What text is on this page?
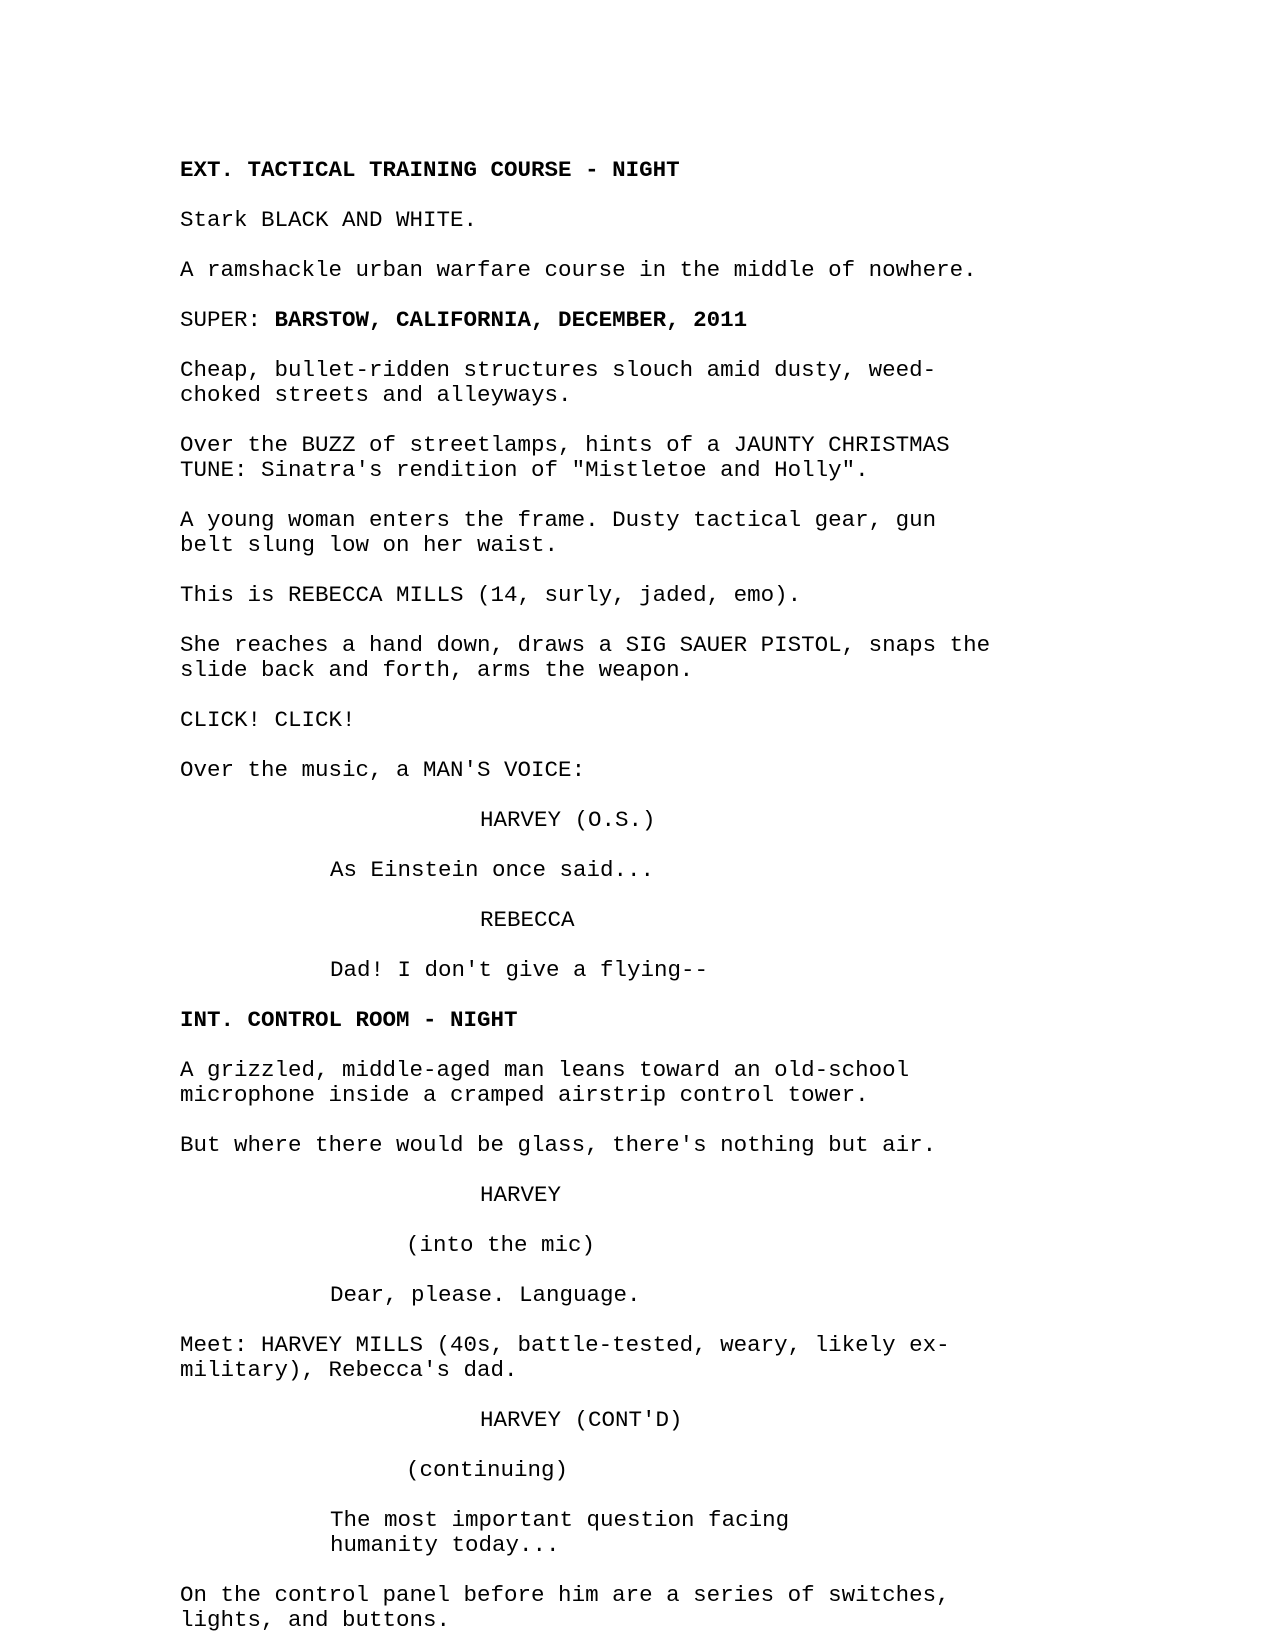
EXT. TACTICAL TRAINING COURSE - NIGHT

Stark BLACK AND WHITE.

A ramshackle urban warfare course in the middle of nowhere.

SUPER: BARSTOW, CALIFORNIA, DECEMBER, 2011

Cheap, bullet-ridden structures slouch amid dusty, weed-
choked streets and alleyways.

Over the BUZZ of streetlamps, hints of a JAUNTY CHRISTMAS
TUNE: Sinatra's rendition of "Mistletoe and Holly".

A young woman enters the frame. Dusty tactical gear, gun
belt slung low on her waist.

This is REBECCA MILLS (14, surly, jaded, emo).

She reaches a hand down, draws a SIG SAUER PISTOL, snaps the
slide back and forth, arms the weapon.

CLICK! CLICK!

Over the music, a MAN'S VOICE:

HARVEY (O.S.)

As Einstein once said...

REBECCA

Dad! I don't give a flying--

INT. CONTROL ROOM - NIGHT

A grizzled, middle-aged man leans toward an old-school
microphone inside a cramped airstrip control tower.

But where there would be glass, there's nothing but air.

HARVEY

(into the mic)

Dear, please. Language.

Meet: HARVEY MILLS (40s, battle-tested, weary, likely ex-
military), Rebecca's dad.

HARVEY (CONT'D)

(continuing)

The most important question facing
humanity today...

On the control panel before him are a series of switches,
lights, and buttons.
